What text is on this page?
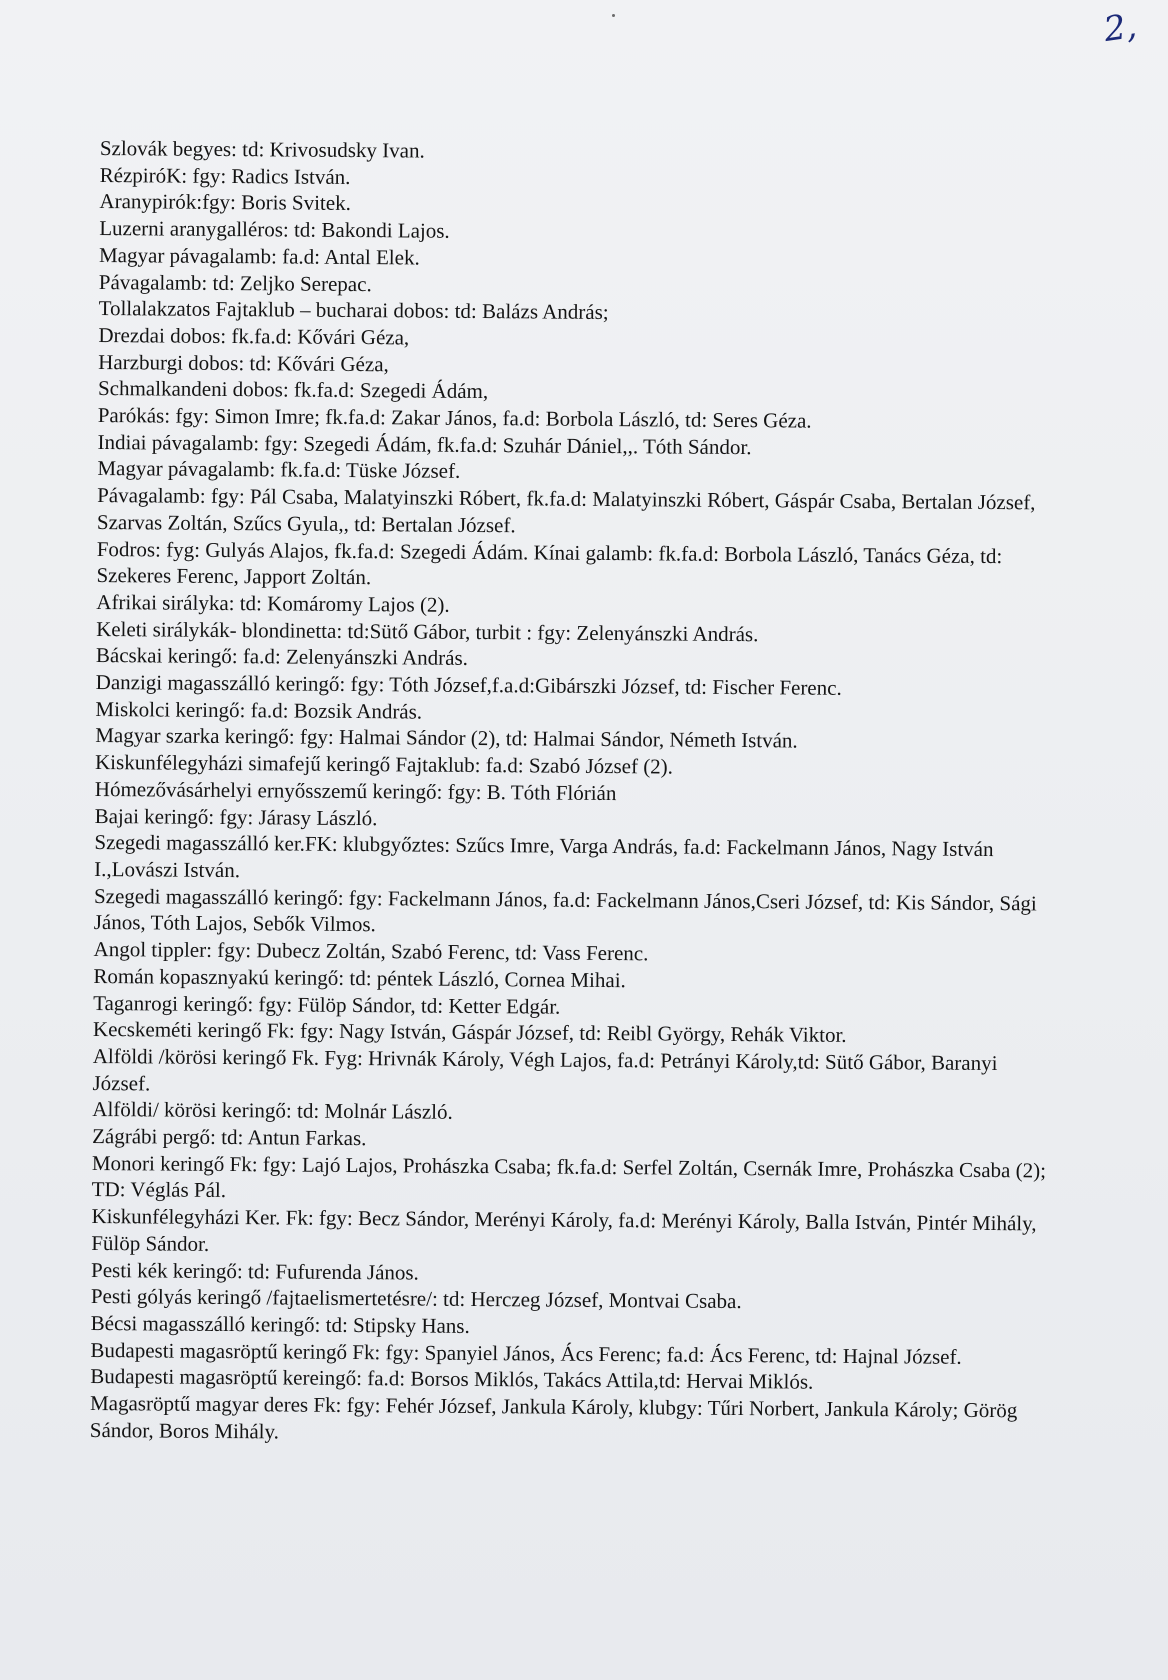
2,

Szlovák begyes: td: Krivosudsky Ivan.

RézpiróK: fgy: Radics István.

Aranypirók:fgy: Boris Svitek.

Luzerni aranygalléros: td: Bakondi Lajos.

Magyar pávagalamb: fa.d: Antal Elek.

Pávagalamb: td: Zeljko Serepac.

Tollalakzatos Fajtaklub – bucharai dobos: td: Balázs András;

Drezdai dobos: fk.fa.d: Kővári Géza,

Harzburgi dobos: td: Kővári Géza,

Schmalkandeni dobos: fk.fa.d: Szegedi Ádám,

Parókás: fgy: Simon Imre; fk.fa.d: Zakar János, fa.d: Borbola László, td: Seres Géza.

Indiai pávagalamb: fgy: Szegedi Ádám, fk.fa.d: Szuhár Dániel,,. Tóth Sándor.

Magyar pávagalamb: fk.fa.d: Tüske József.

Pávagalamb: fgy: Pál Csaba, Malatyinszki Róbert, fk.fa.d: Malatyinszki Róbert, Gáspár Csaba, Bertalan József, Szarvas Zoltán, Szűcs Gyula,, td: Bertalan József.

Fodros: fyg: Gulyás Alajos, fk.fa.d: Szegedi Ádám. Kínai galamb: fk.fa.d: Borbola László, Tanács Géza, td: Szekeres Ferenc, Japport Zoltán.

Afrikai sirályka: td: Komáromy Lajos (2).

Keleti sirálykák- blondinetta: td:Sütő Gábor, turbit : fgy: Zelenyánszki András.

Bácskai keringő: fa.d: Zelenyánszki András.

Danzigi magasszálló keringő: fgy: Tóth József,f.a.d:Gibárszki József, td: Fischer Ferenc.

Miskolci keringő: fa.d: Bozsik András.

Magyar szarka keringő: fgy: Halmai Sándor (2), td: Halmai Sándor, Németh István.

Kiskunfélegyházi simafejű keringő Fajtaklub: fa.d: Szabó József (2).

Hómezővásárhelyi ernyősszemű keringő: fgy: B. Tóth Flórián

Bajai keringő: fgy: Járasy László.

Szegedi magasszálló ker.FK: klubgyőztes: Szűcs Imre, Varga András, fa.d: Fackelmann János, Nagy István I.,Lovászi István.

Szegedi magasszálló keringő: fgy: Fackelmann János, fa.d: Fackelmann János,Cseri József, td: Kis Sándor, Sági János, Tóth Lajos, Sebők Vilmos.

Angol tippler: fgy: Dubecz Zoltán, Szabó Ferenc, td: Vass Ferenc.

Román kopasznyakú keringő: td: péntek László, Cornea Mihai.

Taganrogi keringő: fgy: Fülöp Sándor, td: Ketter Edgár.

Kecskeméti keringő Fk: fgy: Nagy István, Gáspár József, td: Reibl György, Rehák Viktor.

Alföldi /körösi keringő Fk. Fyg: Hrivnák Károly, Végh Lajos, fa.d: Petrányi Károly,td: Sütő Gábor, Baranyi József.

Alföldi/ körösi keringő: td: Molnár László.

Zágrábi pergő: td: Antun Farkas.

Monori keringő Fk: fgy: Lajó Lajos, Prohászka Csaba; fk.fa.d: Serfel Zoltán, Csernák Imre, Prohászka Csaba (2); TD: Véglás Pál.

Kiskunfélegyházi Ker. Fk: fgy: Becz Sándor, Merényi Károly, fa.d: Merényi Károly, Balla István, Pintér Mihály, Fülöp Sándor.

Pesti kék keringő: td: Fufurenda János.

Pesti gólyás keringő /fajtaelismertetésre/: td: Herczeg József, Montvai Csaba.

Bécsi magasszálló keringő: td: Stipsky Hans.

Budapesti magasröptű keringő Fk: fgy: Spanyiel János, Ács Ferenc; fa.d: Ács Ferenc, td: Hajnal József.

Budapesti magasröptű kereingő: fa.d: Borsos Miklós, Takács Attila,td: Hervai Miklós.

Magasröptű magyar deres Fk: fgy: Fehér József, Jankula Károly, klubgy: Tűri Norbert, Jankula Károly; Görög Sándor, Boros Mihály.
